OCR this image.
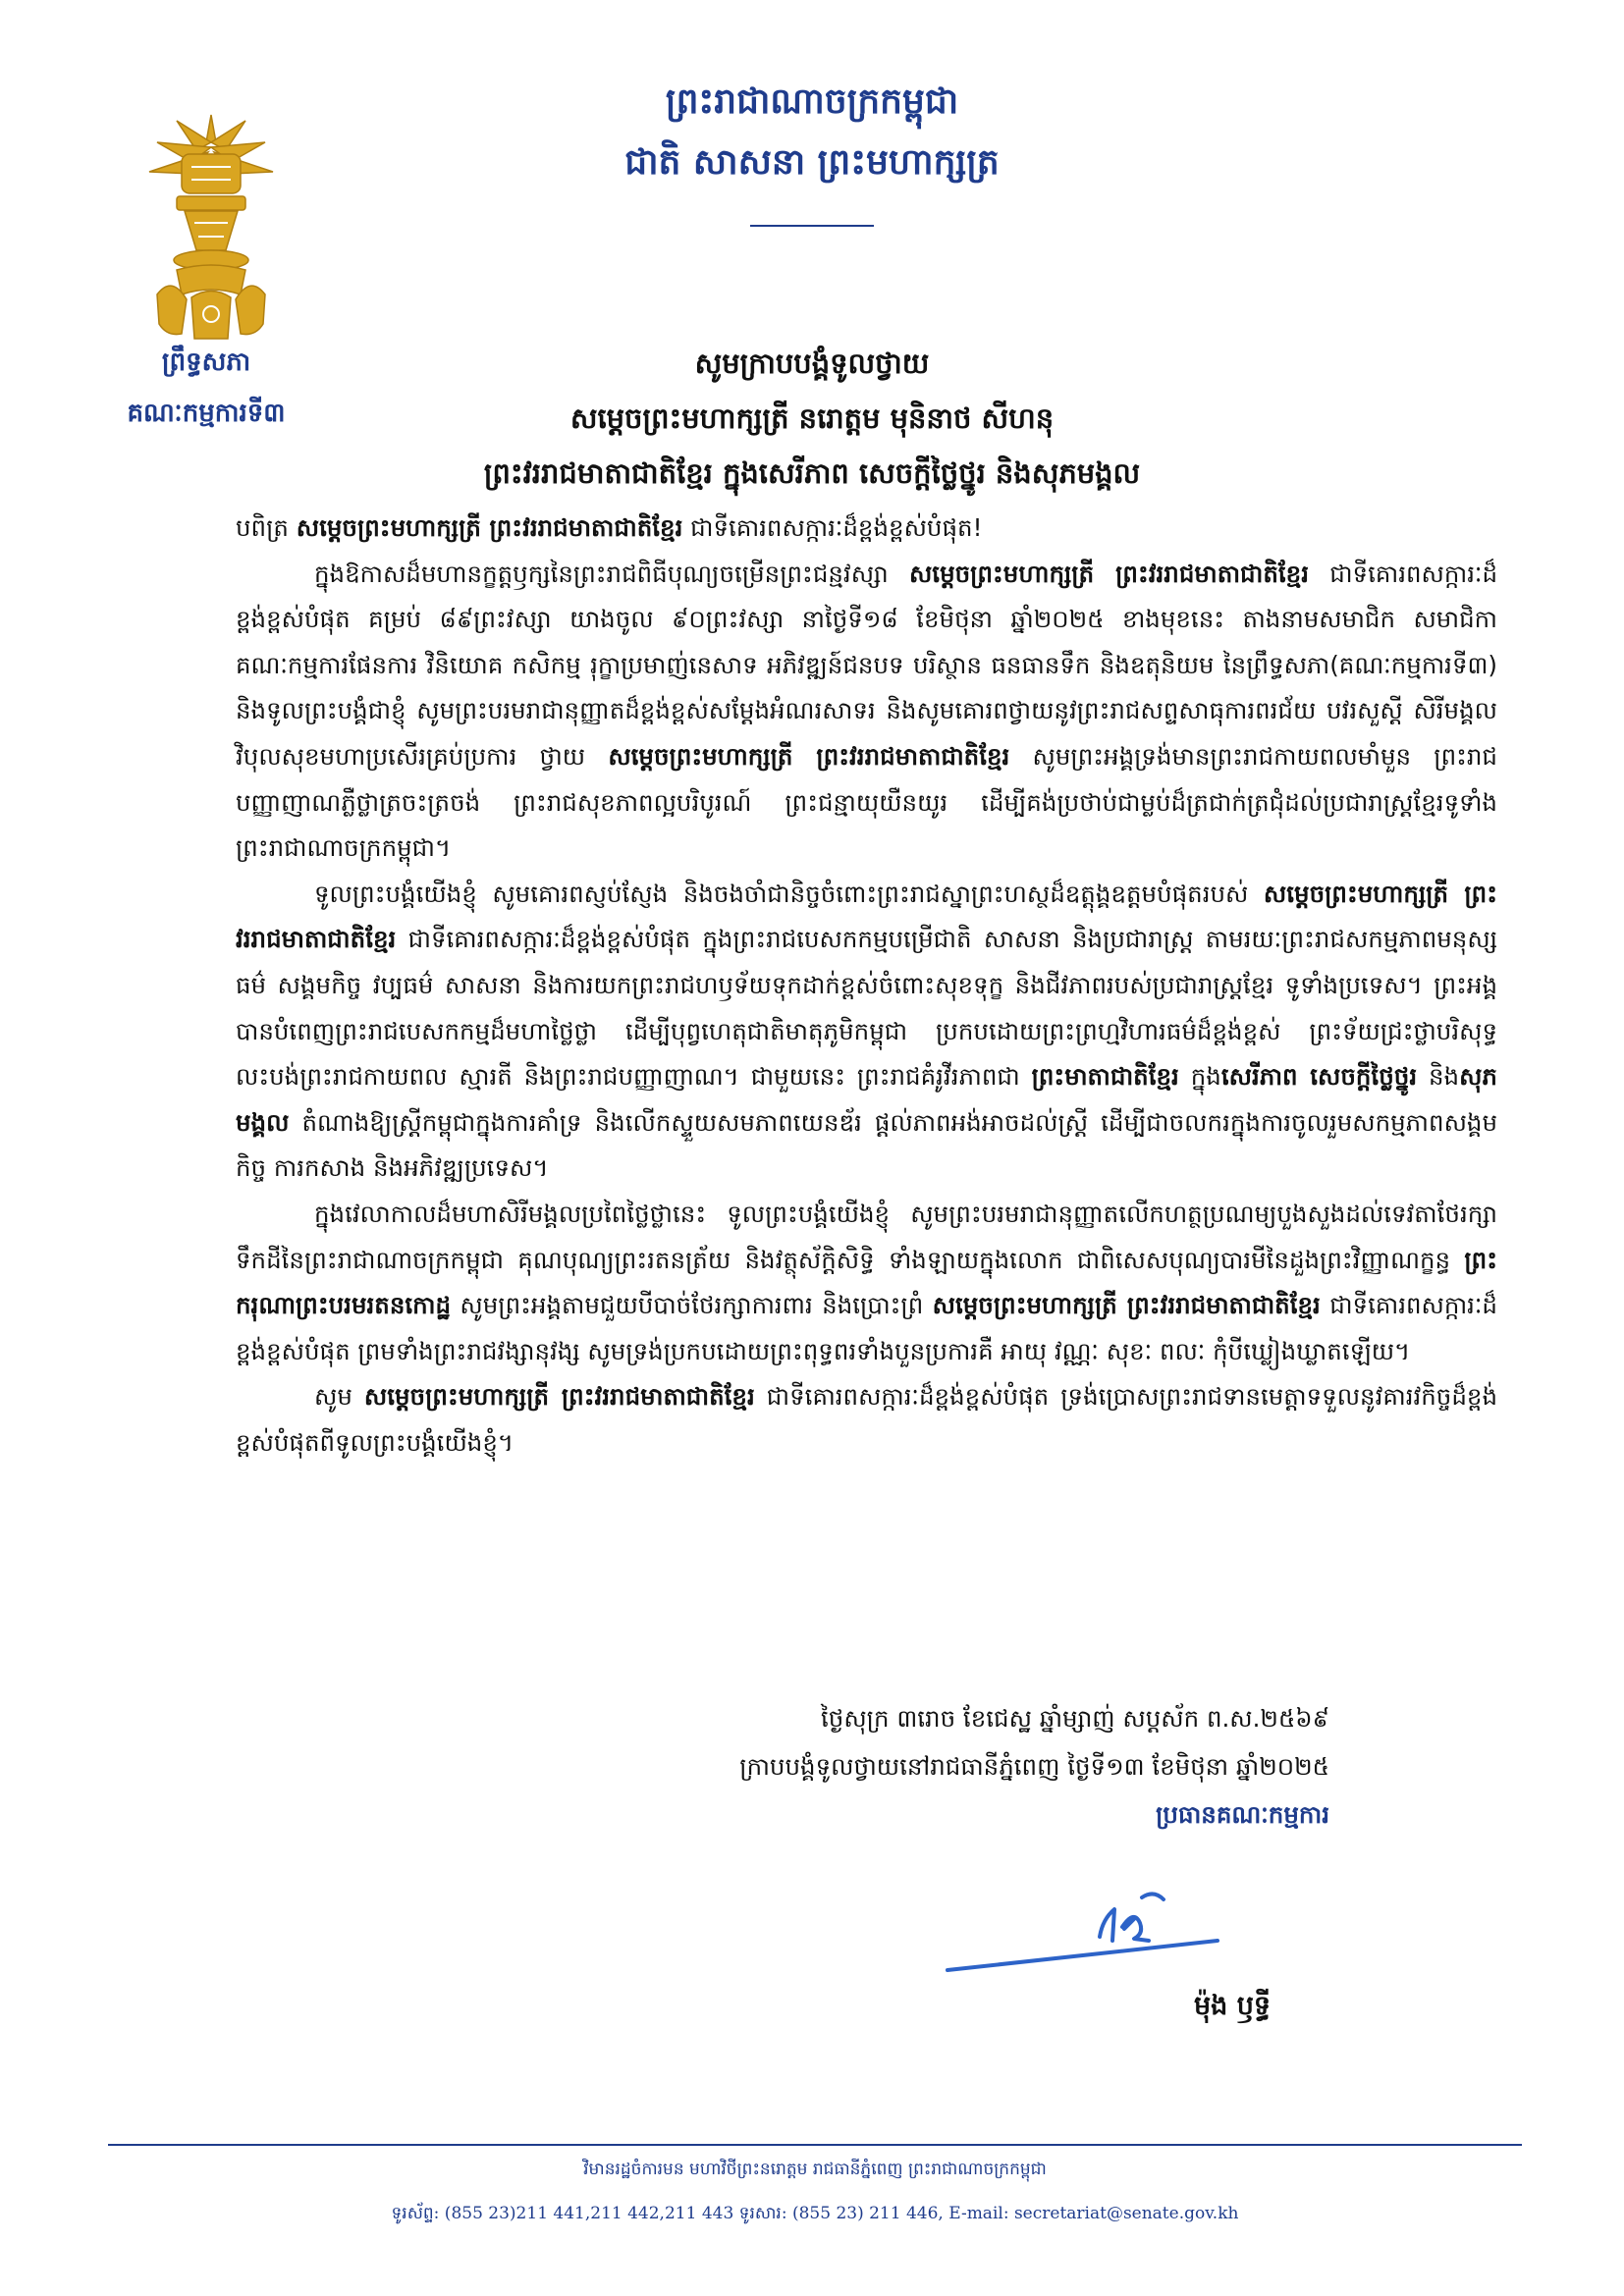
ព្រះរាជាណាចក្រកម្ពុជា
ជាតិ សាសនា ព្រះមហាក្សត្រ
ព្រឹទ្ធសភា
គណៈកម្មការទី៣
សូមក្រាបបង្គំទូលថ្វាយ
សម្តេចព្រះមហាក្សត្រី នរោត្តម មុនិនាថ សីហនុ
ព្រះវររាជមាតាជាតិខ្មែរ ក្នុងសេរីភាព សេចក្តីថ្លៃថ្នូរ និងសុភមង្គល

បពិត្រ សម្តេចព្រះមហាក្សត្រី ព្រះវររាជមាតាជាតិខ្មែរ ជាទីគោរពសក្ការៈដ៏ខ្ពង់ខ្ពស់បំផុត!

ក្នុងឱកាសដ៏មហានក្ខត្តឫក្សនៃព្រះរាជពិធីបុណ្យចម្រើនព្រះជន្មវស្សា សម្តេចព្រះមហាក្សត្រី ព្រះវររាជមាតាជាតិខ្មែរ ជាទីគោរពសក្ការៈដ៏ខ្ពង់ខ្ពស់បំផុត គម្រប់ ៨៩ព្រះវស្សា យាងចូល ៩០ព្រះវស្សា នាថ្ងៃទី១៨ ខែមិថុនា ឆ្នាំ២០២៥ ខាងមុខនេះ តាងនាមសមាជិក សមាជិកាគណៈកម្មការផែនការ វិនិយោគ កសិកម្ម រុក្ខាប្រមាញ់នេសាទ អភិវឌ្ឍន៍ជនបទ បរិស្ថាន ធនធានទឹក និងឧតុនិយម នៃព្រឹទ្ធសភា(គណៈកម្មការទី៣) និងទូលព្រះបង្គំជាខ្ញុំ សូមព្រះបរមរាជានុញ្ញាតដ៏ខ្ពង់ខ្ពស់សម្តែងអំណរសាទរ និងសូមគោរពថ្វាយនូវព្រះរាជសព្ទសាធុការពរជ័យ បវរសួស្តី សិរីមង្គល វិបុលសុខមហាប្រសើរគ្រប់ប្រការ ថ្វាយ សម្តេចព្រះមហាក្សត្រី ព្រះវររាជមាតាជាតិខ្មែរ សូមព្រះអង្គទ្រង់មានព្រះរាជកាយពលមាំមួន ព្រះរាជបញ្ញាញាណភ្លឺថ្លាត្រចះត្រចង់ ព្រះរាជសុខភាពល្អបរិបូរណ៍ ព្រះជន្មាយុយឺនយូរ ដើម្បីគង់ប្រថាប់ជាម្លប់ដ៏ត្រជាក់ត្រជុំដល់ប្រជារាស្ត្រខ្មែរទូទាំងព្រះរាជាណាចក្រកម្ពុជា។

ទូលព្រះបង្គំយើងខ្ញុំ សូមគោរពស្ញប់ស្ញែង និងចងចាំជានិច្ចចំពោះព្រះរាជស្នាព្រះហស្ថដ៏ឧត្តុង្គឧត្តមបំផុតរបស់ សម្តេចព្រះមហាក្សត្រី ព្រះវររាជមាតាជាតិខ្មែរ ជាទីគោរពសក្ការៈដ៏ខ្ពង់ខ្ពស់បំផុត ក្នុងព្រះរាជបេសកកម្មបម្រើជាតិ សាសនា និងប្រជារាស្ត្រ តាមរយៈព្រះរាជសកម្មភាពមនុស្សធម៌ សង្គមកិច្ច វប្បធម៌ សាសនា និងការយកព្រះរាជហឫទ័យទុកដាក់ខ្ពស់ចំពោះសុខទុក្ខ និងជីវភាពរបស់ប្រជារាស្ត្រខ្មែរ ទូទាំងប្រទេស។ ព្រះអង្គបានបំពេញព្រះរាជបេសកកម្មដ៏មហាថ្លៃថ្លា ដើម្បីបុព្វហេតុជាតិមាតុភូមិកម្ពុជា ប្រកបដោយព្រះព្រហ្មវិហារធម៌ដ៏ខ្ពង់ខ្ពស់ ព្រះទ័យជ្រះថ្លាបរិសុទ្ធ លះបង់ព្រះរាជកាយពល ស្មារតី និងព្រះរាជបញ្ញាញាណ។ ជាមួយនេះ ព្រះរាជគំរូវីរភាពជា ព្រះមាតាជាតិខ្មែរ ក្នុងសេរីភាព សេចក្តីថ្លៃថ្នូរ និងសុភមង្គល តំណាងឱ្យស្ត្រីកម្ពុជាក្នុងការគាំទ្រ និងលើកស្ទួយសមភាពយេនឌ័រ ផ្តល់ភាពអង់អាចដល់ស្ត្រី ដើម្បីជាចលករក្នុងការចូលរួមសកម្មភាពសង្គមកិច្ច ការកសាង និងអភិវឌ្ឍប្រទេស។

ក្នុងវេលាកាលដ៏មហាសិរីមង្គលប្រពៃថ្លៃថ្លានេះ ទូលព្រះបង្គំយើងខ្ញុំ សូមព្រះបរមរាជានុញ្ញាតលើកហត្ថប្រណម្យបួងសួងដល់ទេវតាថែរក្សាទឹកដីនៃព្រះរាជាណាចក្រកម្ពុជា គុណបុណ្យព្រះរតនត្រ័យ និងវត្ថុស័ក្តិសិទ្ធិ ទាំងឡាយក្នុងលោក ជាពិសេសបុណ្យបារមីនៃដួងព្រះវិញ្ញាណក្ខន្ធ ព្រះករុណាព្រះបរមរតនកោដ្ឋ សូមព្រះអង្គតាមជួយបីបាច់ថែរក្សាការពារ និងប្រោះព្រំ សម្តេចព្រះមហាក្សត្រី ព្រះវររាជមាតាជាតិខ្មែរ ជាទីគោរពសក្ការៈដ៏ខ្ពង់ខ្ពស់បំផុត ព្រមទាំងព្រះរាជវង្សានុវង្ស សូមទ្រង់ប្រកបដោយព្រះពុទ្ធពរទាំងបួនប្រការគឺ អាយុ វណ្ណៈ សុខៈ ពលៈ កុំបីឃ្លៀងឃ្លាតឡើយ។

សូម សម្តេចព្រះមហាក្សត្រី ព្រះវររាជមាតាជាតិខ្មែរ ជាទីគោរពសក្ការៈដ៏ខ្ពង់ខ្ពស់បំផុត ទ្រង់ប្រោសព្រះរាជទានមេត្តាទទួលនូវគារវកិច្ចដ៏ខ្ពង់ខ្ពស់បំផុតពីទូលព្រះបង្គំយើងខ្ញុំ។

ថ្ងៃសុក្រ ៣រោច ខែជេស្ឋ ឆ្នាំម្សាញ់ សប្តស័ក ព.ស.២៥៦៩
ក្រាបបង្គំទូលថ្វាយនៅរាជធានីភ្នំពេញ ថ្ងៃទី១៣ ខែមិថុនា ឆ្នាំ២០២៥
ប្រធានគណៈកម្មការ
ម៉ុង ឫទ្ធី
វិមានរដ្ឋចំការមន មហាវិថីព្រះនរោត្តម រាជធានីភ្នំពេញ ព្រះរាជាណាចក្រកម្ពុជា
ទូរស័ព្ទ: (855 23)211 441,211 442,211 443 ទូរសារ: (855 23) 211 446, E-mail: secretariat@senate.gov.kh
